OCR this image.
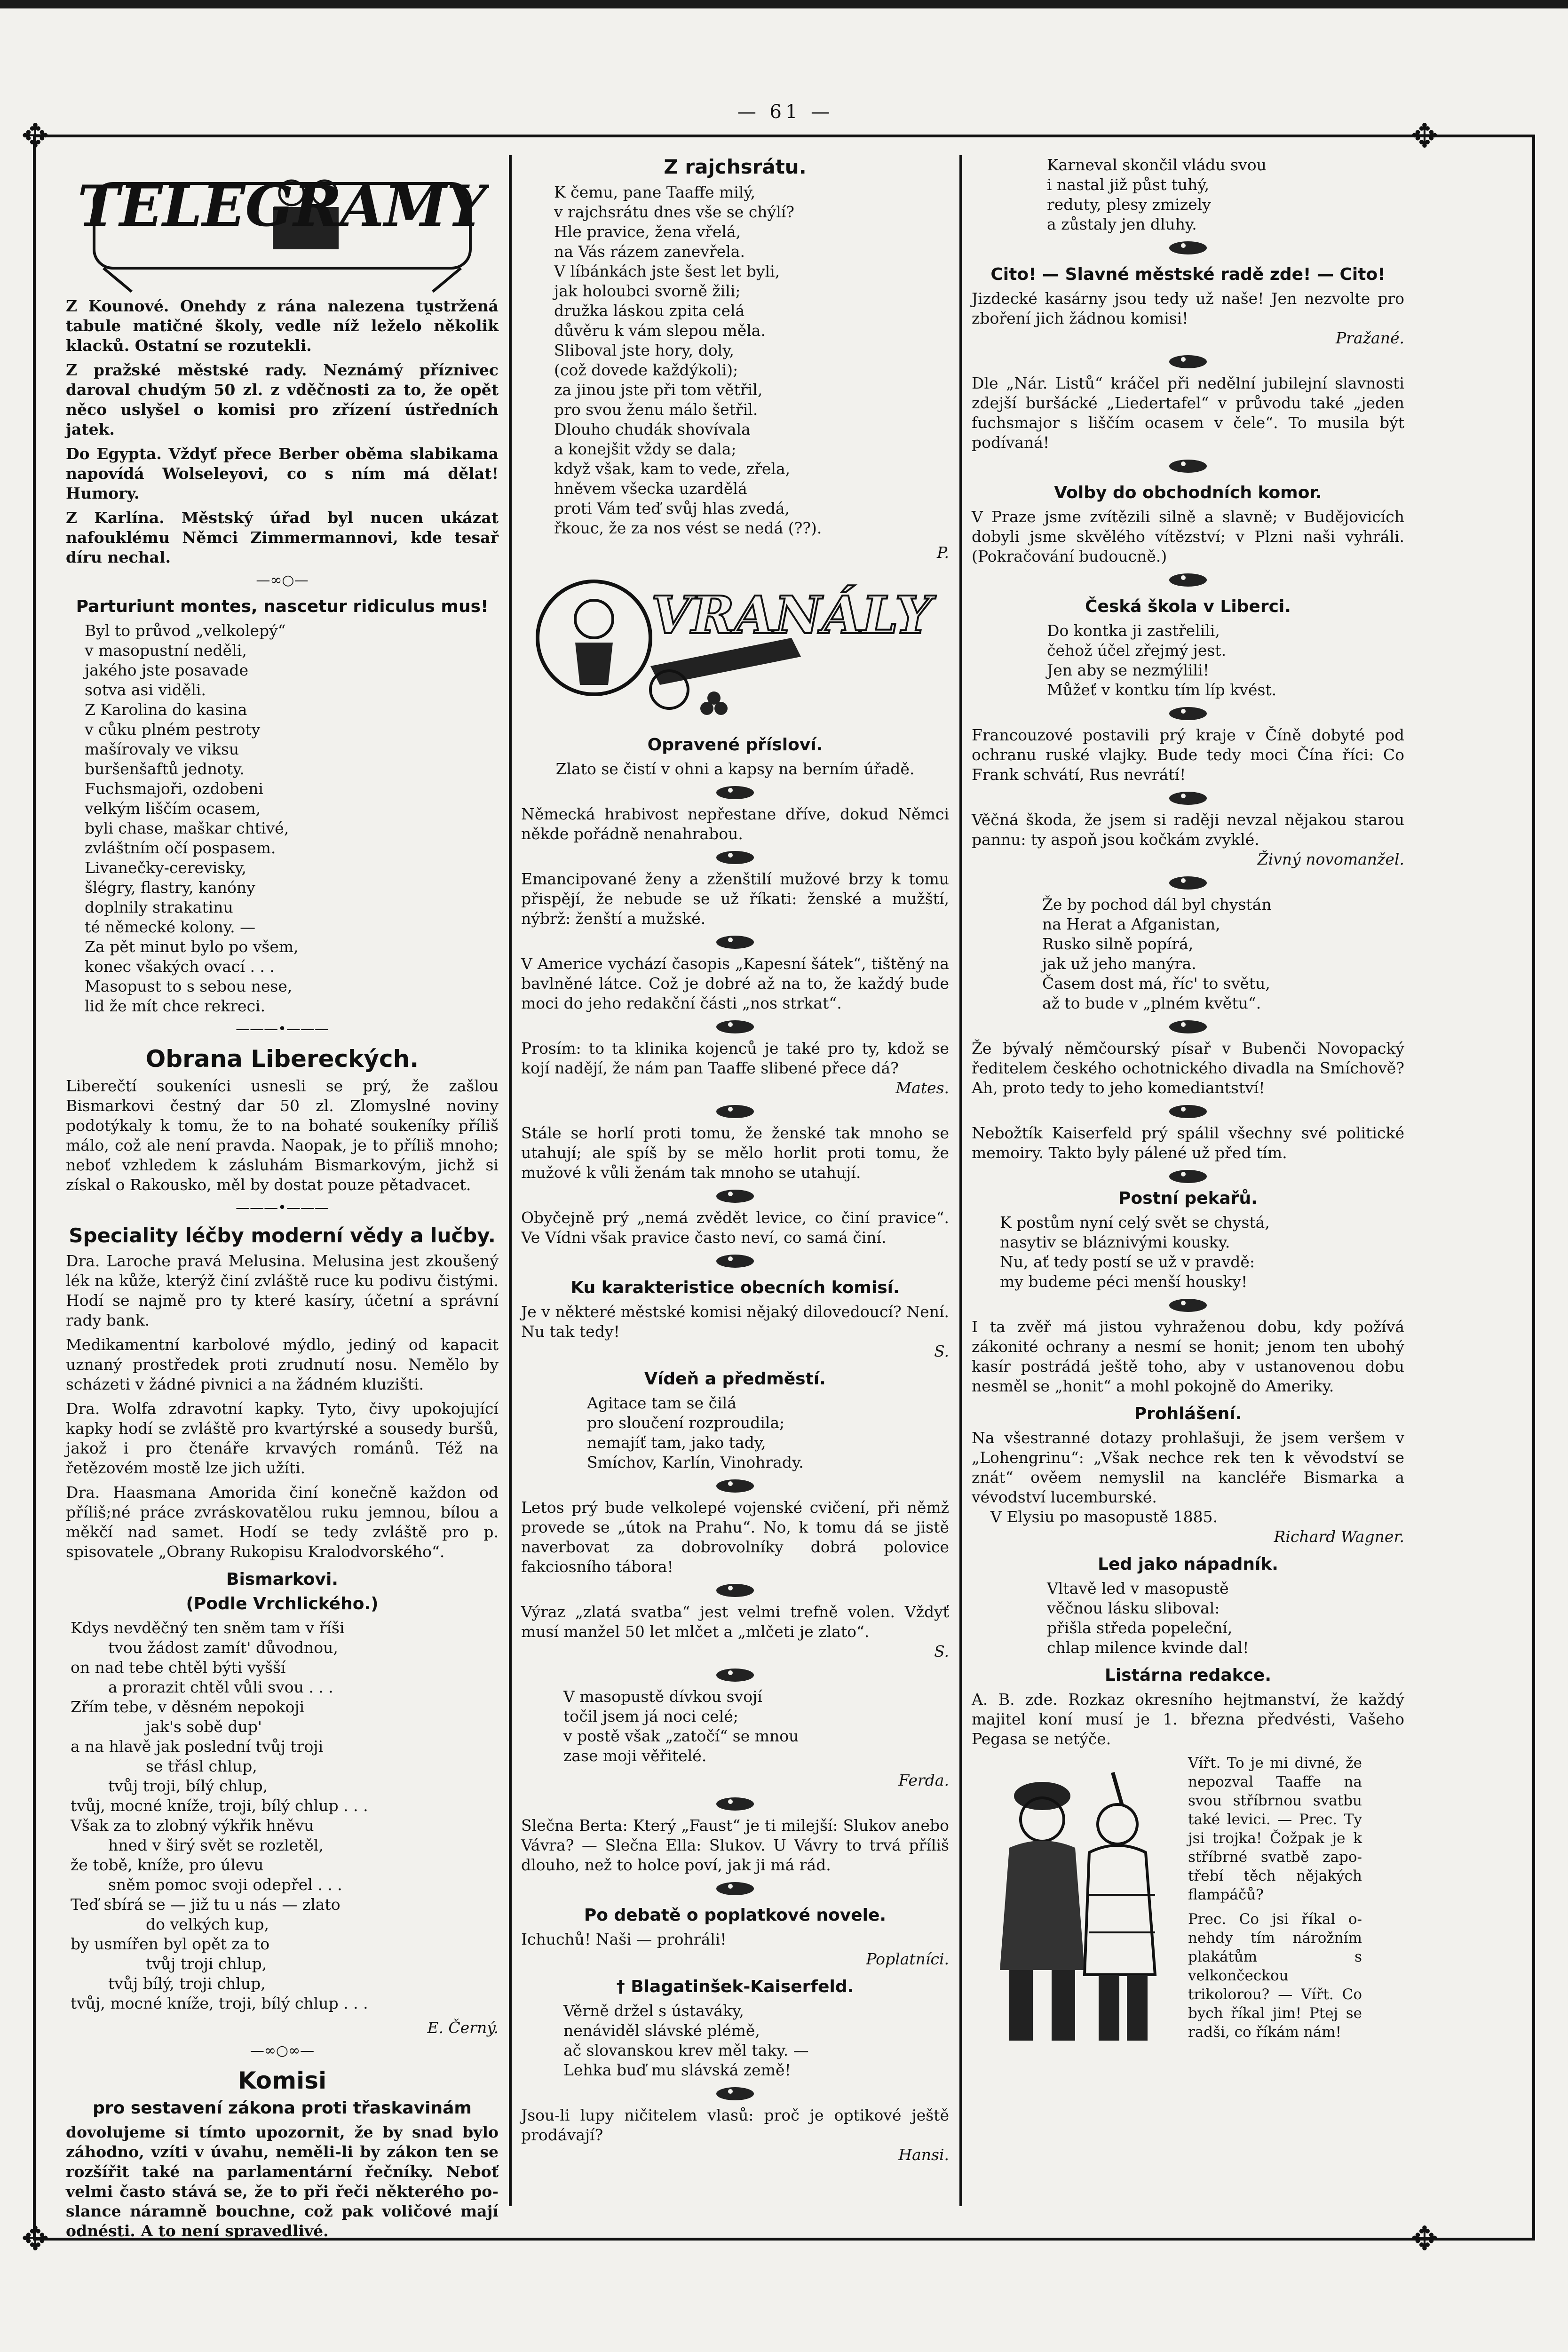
— 61 —
✥	✥
✥	✥
TELEGRAMY

Z Kounové. Onehdy z rána nalezena tu̯stržená tabule matičné školy, vedle níž leželo několik klacků. Ostatní se rozutekli.

Z pražské městské rady. Neznámý příznivec daroval chudým 50 zl. z vděčnosti za to, že opět něco uslyšel o komisi pro zřízení ústředních jatek.

Do Egypta. Vždyť přece Berber oběma slabikama napovídá Wolseleyovi, co s ním má dělat! Humory.

Z Karlína. Městský úřad byl nucen ukázat nafouklému Němci Zimmermannovi, kde tesař díru nechal.

—∞○—
Parturiunt montes, nascetur ridiculus mus!
Byl to průvod „velkolepý“
v masopustní neděli,
jakého jste posavade
sotva asi viděli.
Z Karolina do kasina
v cůku plném pestroty
mašírovaly ve viksu
buršenšaftů jednoty.
Fuchsmajoři, ozdobeni
velkým liščím ocasem,
byli chase, maškar chtivé,
zvláštním očí pospasem.
Livanečky-cerevisky,
šlégry, flastry, kanóny
doplnily strakatinu
té německé kolony. —
Za pět minut bylo po všem,
konec všakých ovací . . .
Masopust to s sebou nese,
lid že mít chce rekreci.
———•———
Obrana Libereckých.

Liberečtí soukeníci usnesli se prý, že zašlou Bismarkovi čestný dar 50 zl. Zlomyslné noviny podotýkaly k tomu, že to na bohaté soukeníky příliš málo, což ale není pravda. Naopak, je to příliš mnoho; neboť vzhledem k zásluhám Bismarkovým, jichž si získal o Rakousko, měl by dostat pouze pětadvacet.

———•———
Speciality léčby moderní vědy a lučby.

Dra. Laroche pravá Melusina. Melusina jest zkoušený lék na kůže, kterýž činí zvláště ruce ku podivu čistými. Hodí se najmě pro ty které kasíry, účetní a správní rady bank.

Medikamentní karbolové mýdlo, jediný od kapacit uznaný prostředek proti zrudnutí nosu. Nemělo by scházeti v žádné pivnici a na žádném kluzišti.

Dra. Wolfa zdravotní kapky. Tyto, čivy upokojující kapky hodí se zvláště pro kvartýrské a sousedy buršů, jakož i pro čtenáře krvavých románů. Též na řetězovém mostě lze jich užíti.

Dra. Haasmana Amorida činí konečně každon od příliš;né práce zvráskovatělou ruku jemnou, bílou a měkčí nad samet. Hodí se tedy zvláště pro p. spisovatele „Obrany Rukopisu Kralodvorského“.

Bismarkovi.
(Podle Vrchlického.)
Kdys nevděčný ten sněm tam v říši
tvou žádost zamít' důvodnou,
on nad tebe chtěl býti vyšší
a prorazit chtěl vůli svou . . .
Zřím tebe, v děsném nepokoji
jak's sobě dup'
a na hlavě jak poslední tvůj troji
se třásl chlup,
tvůj troji, bílý chlup,
tvůj, mocné kníže, troji, bílý chlup . . .
Však za to zlobný výkřik hněvu
hned v širý svět se rozletěl,
že tobě, kníže, pro úlevu
sněm pomoc svoji odepřel . . .
Teď sbírá se — již tu u nás — zlato
do velkých kup,
by usmířen byl opět za to
tvůj troji chlup,
tvůj bílý, troji chlup,
tvůj, mocné kníže, troji, bílý chlup . . .
E. Černý.
—∞○∞—
Komisi
pro sestavení zákona proti třaskavinám

dovolujeme si tímto upozornit, že by snad bylo záhodno, vzíti v úvahu, neměli-li by zákon ten se rozšířit také na parlamentární řečníky. Neboť velmi často stává se, že to při řeči některého poslance náramně bouchne, což pak voličové mají odnésti. A to není spravedlivé.

Z rajchsrátu.
K čemu, pane Taaffe milý,
v rajchsrátu dnes vše se chýlí?
Hle pravice, žena vřelá,
na Vás rázem zanevřela.
V líbánkách jste šest let byli,
jak holoubci svorně žili;
družka láskou zpita celá
důvěru k vám slepou měla.
Sliboval jste hory, doly,
(což dovede každýkoli);
za jinou jste při tom větřil,
pro svou ženu málo šetřil.
Dlouho chudák shovívala
a konejšit vždy se dala;
když však, kam to vede, zřela,
hněvem všecka uzardělá
proti Vám teď svůj hlas zvedá,
řkouc, že za nos vést se nedá (??).
P.
VRANÁLY
Opravené přísloví.

Zlato se čistí v ohni a kapsy na berním úřadě.

Německá hrabivost nepřestane dříve, dokud Němci někde pořádně nenahrabou.

Emancipované ženy a zženštilí mužové brzy k tomu přispějí, že nebude se už říkati: ženské a mužští, nýbrž: ženští a mužské.

V Americe vychází časopis „Kapesní šátek“, tištěný na bavlněné látce. Což je dobré až na to, že každý bude moci do jeho redakční části „nos strkat“.

Prosím: to ta klinika kojenců je také pro ty, kdož se kojí nadějí, že nám pan Taaffe slibené přece dá?

Mates.

Stále se horlí proti tomu, že ženské tak mnoho se utahují; ale spíš by se mělo horlit proti tomu, že mužové k vůli ženám tak mnoho se utahují.

Obyčejně prý „nemá zvědět levice, co činí pravice“. Ve Vídni však pravice často neví, co samá činí.

Ku karakteristice obecních komisí.

Je v některé městské komisi nějaký dilovedoucí? Není. Nu tak tedy!

S.
Vídeň a předměstí.
Agitace tam se čilá
pro sloučení rozproudila;
nemajíť tam, jako tady,
Smíchov, Karlín, Vinohrady.

Letos prý bude velkolepé vojenské cvičení, při němž provede se „útok na Prahu“. No, k tomu dá se jistě naverbovat za dobrovolníky dobrá polovice fakciosního tábora!

Výraz „zlatá svatba“ jest velmi trefně volen. Vždyť musí manžel 50 let mlčet a „mlčeti je zlato“.

S.
V masopustě dívkou svojí
točil jsem já noci celé;
v postě však „zatočí“ se mnou
zase moji věřitelé.
Ferda.

Slečna Berta: Který „Faust“ je ti milejší: Slukov anebo Vávra? — Slečna Ella: Slukov. U Vávry to trvá příliš dlouho, než to holce poví, jak ji má rád.

Po debatě o poplatkové novele.

Ichuchů! Naši — prohráli!

Poplatníci.
† Blagatinšek-Kaiserfeld.
Věrně držel s ústaváky,
nenáviděl slávské plémě,
ač slovanskou krev měl taky. —
Lehka buď mu slávská země!

Jsou-li lupy ničitelem vlasů: proč je optikové ještě prodávají?

Hansi.
Karneval skončil vládu svou
i nastal již půst tuhý,
reduty, plesy zmizely
a zůstaly jen dluhy.
Cito! — Slavné městské radě zde! — Cito!

Jizdecké kasárny jsou tedy už naše! Jen nezvolte pro zboření jich žádnou komisi!

Pražané.

Dle „Nár. Listů“ kráčel při nedělní jubilejní slavnosti zdejší buršácké „Liedertafel“ v průvodu také „jeden fuchsmajor s liščím ocasem v čele“. To musila být podívaná!

Volby do obchodních komor.

V Praze jsme zvítězili silně a slavně; v Budějovicích dobyli jsme skvělého vítězství; v Plzni naši vyhráli. (Pokračování budoucně.)

Česká škola v Liberci.
Do kontka ji zastřelili,
čehož účel zřejmý jest.
Jen aby se nezmýlili!
Můžeť v kontku tím líp kvést.

Francouzové postavili prý kraje v Číně dobyté pod ochranu ruské vlajky. Bude tedy moci Čína říci: Co Frank schvátí, Rus nevrátí!

Věčná škoda, že jsem si raději nevzal nějakou starou pannu: ty aspoň jsou kočkám zvyklé.

Živný novomanžel.
Že by pochod dál byl chystán
na Herat a Afganistan,
Rusko silně popírá,
jak už jeho manýra.
Časem dost má, říc' to světu,
až to bude v „plném květu“.

Že bývalý němčourský písař v Bubenči Novopacký ředitelem českého ochotnického divadla na Smíchově? Ah, proto tedy to jeho komediantství!

Nebožtík Kaiserfeld prý spálil všechny své politické memoiry. Takto byly pálené už před tím.

Postní pekařů.
K postům nyní celý svět se chystá,
nasytiv se bláznivými kousky.
Nu, ať tedy postí se už v pravdě:
my budeme péci menší housky!

I ta zvěř má jistou vyhraženou dobu, kdy požívá zákonité ochrany a nesmí se honit; jenom ten ubohý kasír postrádá ještě toho, aby v ustanovenou dobu nesměl se „honit“ a mohl pokojně do Ameriky.

Prohlášení.

Na všestranné dotazy prohlašuji, že jsem veršem v „Lohengrinu“: „Však nechce rek ten k věvodství se znát“ ověem nemyslil na kancléře Bismarka a vévodství lucemburské.

V Elysiu po masopustě 1885.
Richard Wagner.
Led jako nápadník.
Vltavě led v masopustě
věčnou lásku sliboval:
přišla středa popeleční,
chlap milence kvinde dal!
Listárna redakce.

A. B. zde. Rozkaz okresního hejtmanství, že každý majitel koní musí je 1. března předvésti, Vašeho Pegasa se netýče.

Vířt. To je mi divné, že nepozval Taaffe na svou stříbrnou svatbu také levici. — Prec. Ty jsi trojka! Čožpak je k stříbrné svatbě zapotřebí těch nějakých flampáčů?

Prec. Co jsi říkal onehdy tím nárožním plakátům s velkončeckou trikolorou? — Vířt. Co bych říkal jim! Ptej se radši, co říkám nám!
